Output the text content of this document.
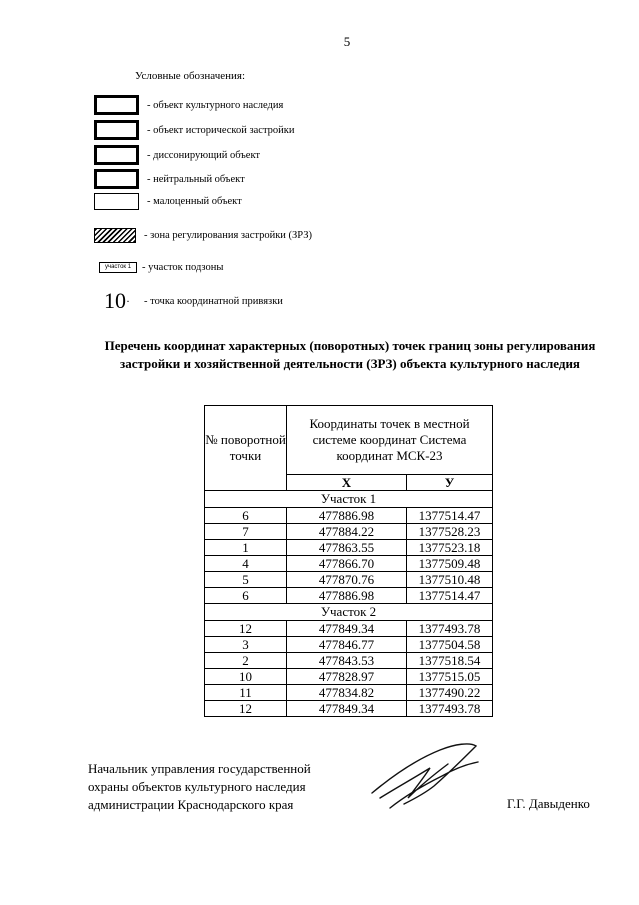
5
Условные обозначения:
- объект культурного наследия
- объект исторической застройки
- диссонирующий объект
- нейтральный объект
- малоценный объект
- зона регулирования застройки (ЗРЗ)
участок 1	- участок подзоны
10·	- точка координатной привязки
Перечень координат характерных (поворотных) точек границ зоны регулирования застройки и хозяйственной деятельности (ЗРЗ) объекта культурного наследия
№ поворотной точки	Координаты точек в местной системе координат Система координат МСК-23	
	Х	У
Участок 1		
6	477886.98	1377514.47
7	477884.22	1377528.23
1	477863.55	1377523.18
4	477866.70	1377509.48
5	477870.76	1377510.48
6	477886.98	1377514.47
Участок 2		
12	477849.34	1377493.78
3	477846.77	1377504.58
2	477843.53	1377518.54
10	477828.97	1377515.05
11	477834.82	1377490.22
12	477849.34	1377493.78
Начальник управления государственной
охраны объектов культурного наследия
администрации Краснодарского края	Г.Г. Давыденко
